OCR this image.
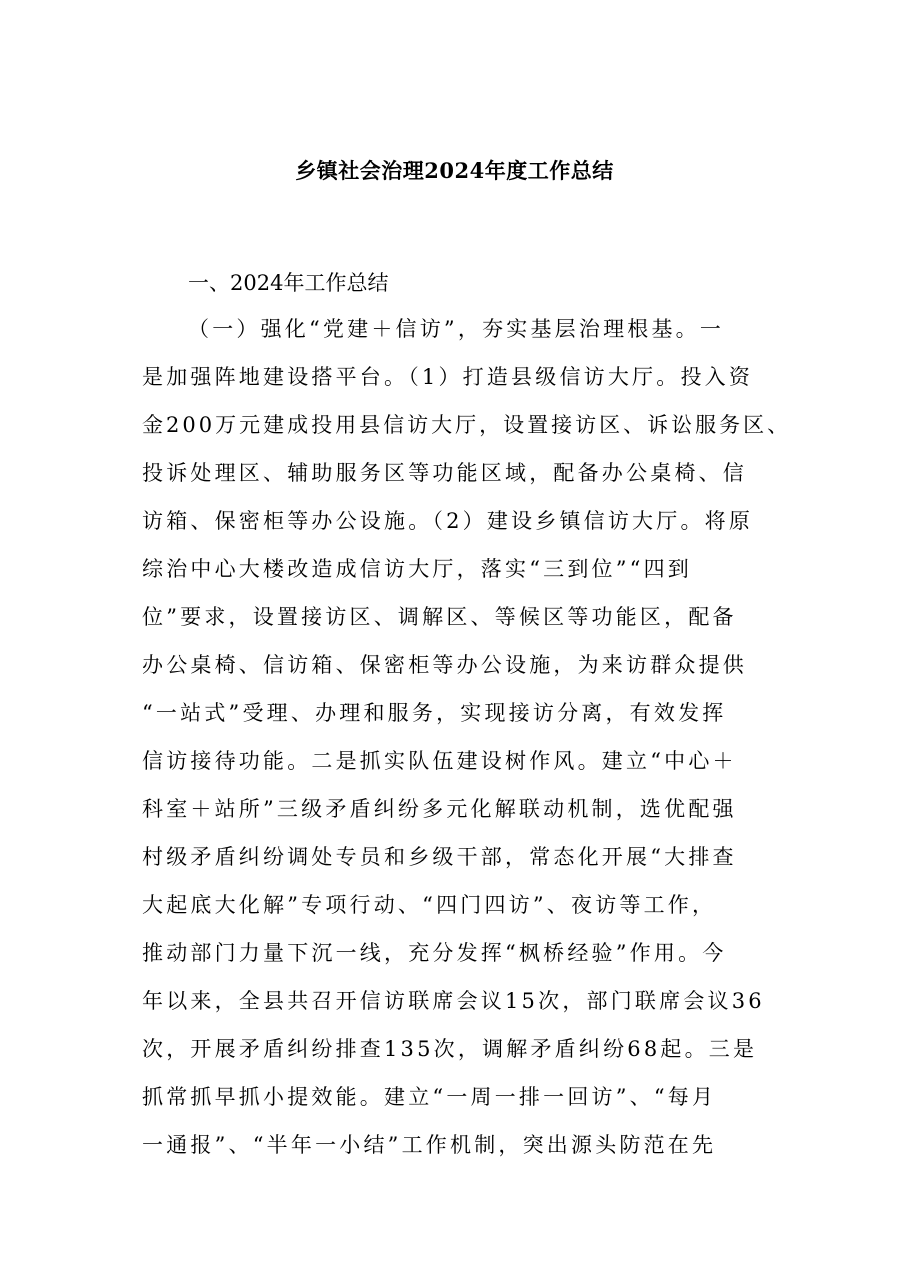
乡镇社会治理2024年度工作总结
一、2024年工作总结
（一）强化“党建＋信访”，夯实基层治理根基。一
是加强阵地建设搭平台。（1）打造县级信访大厅。投入资
金200万元建成投用县信访大厅，设置接访区、诉讼服务区、
投诉处理区、辅助服务区等功能区域，配备办公桌椅、信
访箱、保密柜等办公设施。（2）建设乡镇信访大厅。将原
综治中心大楼改造成信访大厅，落实“三到位”“四到
位”要求，设置接访区、调解区、等候区等功能区，配备
办公桌椅、信访箱、保密柜等办公设施，为来访群众提供
“一站式”受理、办理和服务，实现接访分离，有效发挥
信访接待功能。二是抓实队伍建设树作风。建立“中心＋
科室＋站所”三级矛盾纠纷多元化解联动机制，选优配强
村级矛盾纠纷调处专员和乡级干部，常态化开展“大排查
大起底大化解”专项行动、“四门四访”、夜访等工作，
推动部门力量下沉一线，充分发挥“枫桥经验”作用。今
年以来，全县共召开信访联席会议15次，部门联席会议36
次，开展矛盾纠纷排查135次，调解矛盾纠纷68起。三是
抓常抓早抓小提效能。建立“一周一排一回访”、“每月
一通报”、“半年一小结”工作机制，突出源头防范在先
